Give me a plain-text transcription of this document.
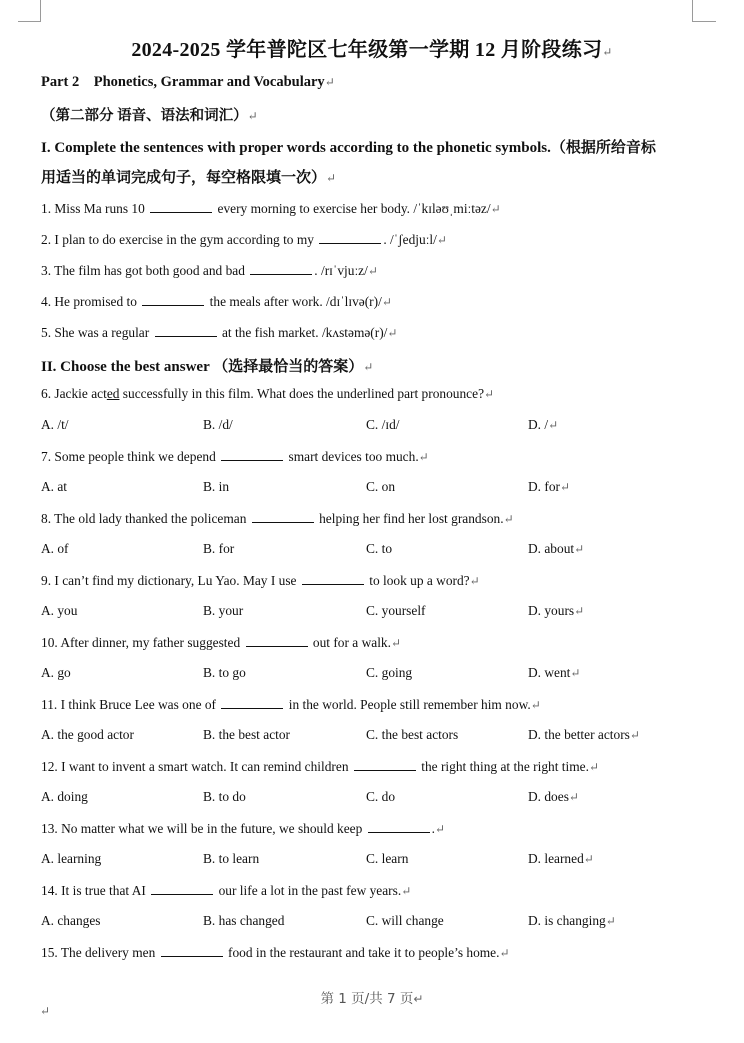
2024-2025 学年普陀区七年级第一学期 12 月阶段练习↵
Part 2    Phonetics, Grammar and Vocabulary↵
（第二部分 语音、语法和词汇）↵
I. Complete the sentences with proper words according to the phonetic symbols.（根据所给音标
用适当的单词完成句子，每空格限填一次）↵
1. Miss Ma runs 10	every morning to exercise her body. /ˈkɪləʊˌmiːtəz/↵
2. I plan to do exercise in the gym according to my	. /ˈʃedjuːl/↵
3. The film has got both good and bad	. /rɪˈvjuːz/↵
4. He promised to	the meals after work. /dɪˈlɪvə(r)/↵
5. She was a regular	at the fish market. /kʌstəmə(r)/↵
II. Choose the best answer （选择最恰当的答案）↵
6. Jackie acted successfully in this film. What does the underlined part pronounce?↵
A. /t/	B. /d/	C. /ɪd/	D. /↵
7. Some people think we depend	smart devices too much.↵
A. at	B. in	C. on	D. for↵
8. The old lady thanked the policeman	helping her find her lost grandson.↵
A. of	B. for	C. to	D. about↵
9. I can’t find my dictionary, Lu Yao. May I use	to look up a word?↵
A. you	B. your	C. yourself	D. yours↵
10. After dinner, my father suggested	out for a walk.↵
A. go	B. to go	C. going	D. went↵
11. I think Bruce Lee was one of	in the world. People still remember him now.↵
A. the good actor	B. the best actor	C. the best actors	D. the better actors↵
12. I want to invent a smart watch. It can remind children	the right thing at the right time.↵
A. doing	B. to do	C. do	D. does↵
13. No matter what we will be in the future, we should keep	.↵
A. learning	B. to learn	C. learn	D. learned↵
14. It is true that AI	our life a lot in the past few years.↵
A. changes	B. has changed	C. will change	D. is changing↵
15. The delivery men	food in the restaurant and take it to people’s home.↵
第 1 页/共 7 页↵
↵
